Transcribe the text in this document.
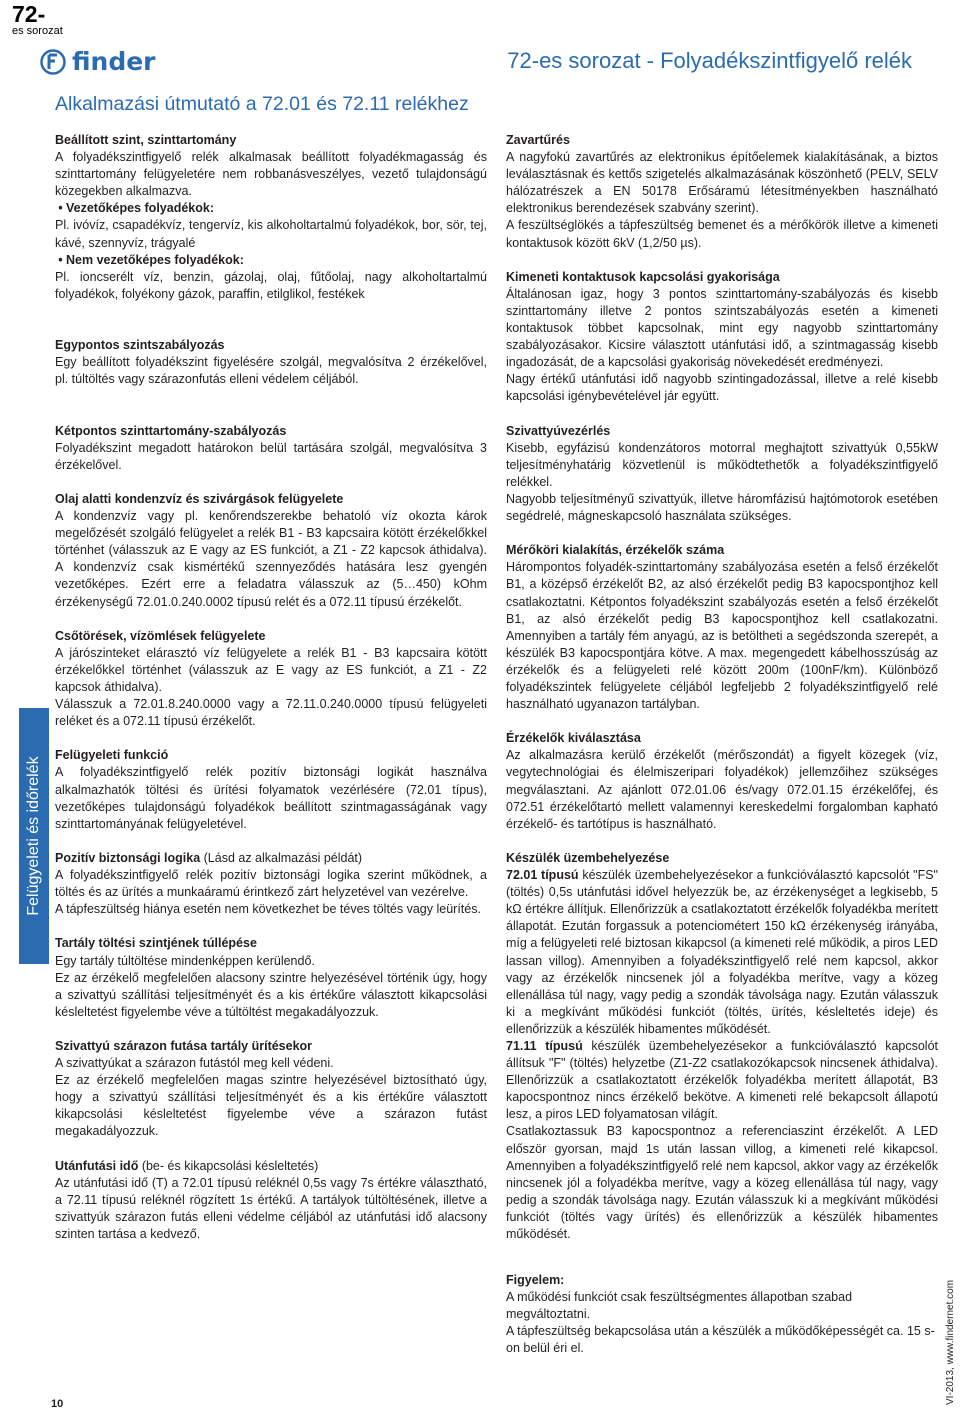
72-
es sorozat
finder	72-es sorozat - Folyadékszintfigyelő relék
Alkalmazási útmutató a 72.01 és 72.11 relékhez
Felügyeleti és időrelék

Beállított szint, szinttartomány

A folyadékszintfigyelő relék alkalmasak beállított folyadékmagasság és szinttartomány felügyeletére nem robbanásveszélyes, vezető tulajdonságú közegekben alkalmazva.

• Vezetőképes folyadékok:

Pl. ivóvíz, csapadékvíz, tengervíz, kis alkoholtartalmú folyadékok, bor, sör, tej, kávé, szennyvíz, trágyalé

• Nem vezetőképes folyadékok:

Pl. ioncserélt víz, benzin, gázolaj, olaj, fűtőolaj, nagy alkoholtartalmú folyadékok, folyékony gázok, paraffin, etilglikol, festékek

Egypontos szintszabályozás

Egy beállított folyadékszint figyelésére szolgál, megvalósítva 2 érzékelővel, pl. túltöltés vagy szárazonfutás elleni védelem céljából.

Kétpontos szinttartomány-szabályozás

Folyadékszint megadott határokon belül tartására szolgál, megvalósítva 3 érzékelővel.

Olaj alatti kondenzvíz és szivárgások felügyelete

A kondenzvíz vagy pl. kenőrendszerekbe behatoló víz okozta károk megelőzését szolgáló felügyelet a relék B1 - B3 kapcsaira kötött érzékelőkkel történhet (válasszuk az E vagy az ES funkciót, a Z1 - Z2 kapcsok áthidalva). A kondenzvíz csak kismértékű szennyeződés hatására lesz gyengén vezetőképes. Ezért erre a feladatra válasszuk az (5…450) kOhm érzékenységű 72.01.0.240.0002 típusú relét és a 072.11 típusú érzékelőt.

Csőtörések, vízömlések felügyelete

A járószinteket elárasztó víz felügyelete a relék B1 - B3 kapcsaira kötött érzékelőkkel történhet (válasszuk az E vagy az ES funkciót, a Z1 - Z2 kapcsok áthidalva).

Válasszuk a 72.01.8.240.0000 vagy a 72.11.0.240.0000 típusú felügyeleti reléket és a 072.11 típusú érzékelőt.

Felügyeleti funkció

A folyadékszintfigyelő relék pozitív biztonsági logikát használva alkalmazhatók töltési és ürítési folyamatok vezérlésére (72.01 típus), vezetőképes tulajdonságú folyadékok beállított szintmagasságának vagy szinttartományának felügyeletével.

Pozitív biztonsági logika (Lásd az alkalmazási példát)

A folyadékszintfigyelő relék pozitív biztonsági logika szerint működnek, a töltés és az ürítés a munkaáramú érintkező zárt helyzetével van vezérelve.

A tápfeszültség hiánya esetén nem következhet be téves töltés vagy leürítés.

Tartály töltési szintjének túllépése

Egy tartály túltöltése mindenképpen kerülendő.

Ez az érzékelő megfelelően alacsony szintre helyezésével történik úgy, hogy a szivattyú szállítási teljesítményét és a kis értékűre választott kikapcsolási késleltetést figyelembe véve a túltöltést megakadályozzuk.

Szivattyú szárazon futása tartály ürítésekor

A szivattyúkat a szárazon futástól meg kell védeni.

Ez az érzékelő megfelelően magas szintre helyezésével biztosítható úgy, hogy a szivattyú szállítási teljesítményét és a kis értékűre választott kikapcsolási késleltetést figyelembe véve a szárazon futást megakadályozzuk.

Utánfutási idő (be- és kikapcsolási késleltetés)

Az utánfutási idő (T) a 72.01 típusú reléknél 0,5s vagy 7s értékre választható, a 72.11 típusú reléknél rögzített 1s értékű. A tartályok túltöltésének, illetve a szivattyúk szárazon futás elleni védelme céljából az utánfutási idő alacsony szinten tartása a kedvező.

Zavartűrés

A nagyfokú zavartűrés az elektronikus építőelemek kialakításának, a biztos leválasztásnak és kettős szigetelés alkalmazásának köszönhető (PELV, SELV hálózatrészek a EN 50178 Erősáramú létesítményekben használható elektronikus berendezések szabvány szerint).

A feszültséglökés a tápfeszültség bemenet és a mérőkörök illetve a kimeneti kontaktusok között 6kV (1,2/50 µs).

Kimeneti kontaktusok kapcsolási gyakorisága

Általánosan igaz, hogy 3 pontos szinttartomány-szabályozás és kisebb szinttartomány illetve 2 pontos szintszabályozás esetén a kimeneti kontaktusok többet kapcsolnak, mint egy nagyobb szinttartomány szabályozásakor. Kicsire választott utánfutási idő, a szintmagasság kisebb ingadozását, de a kapcsolási gyakoriság növekedését eredményezi.

Nagy értékű utánfutási idő nagyobb szintingadozással, illetve a relé kisebb kapcsolási igénybevételével jár együtt.

Szivattyúvezérlés

Kisebb, egyfázisú kondenzátoros motorral meghajtott szivattyúk 0,55kW teljesítményhatárig közvetlenül is működtethetők a folyadékszintfigyelő relékkel.

Nagyobb teljesítményű szivattyúk, illetve háromfázisú hajtómotorok esetében segédrelé, mágneskapcsoló használata szükséges.

Mérőköri kialakítás, érzékelők száma

Hárompontos folyadék-szinttartomány szabályozása esetén a felső érzékelőt B1, a középső érzékelőt B2, az alsó érzékelőt pedig B3 kapocspontjhoz kell csatlakoztatni. Kétpontos folyadékszint szabályozás esetén a felső érzékelőt B1, az alsó érzékelőt pedig B3 kapocspontjhoz kell csatlakozatni. Amennyiben a tartály fém anyagú, az is betöltheti a segédszonda szerepét, a készülék B3 kapocspontjára kötve. A max. megengedett kábelhosszúság az érzékelők és a felügyeleti relé között 200m (100nF/km). Különböző folyadékszintek felügyelete céljából legfeljebb 2 folyadékszintfigyelő relé használható ugyanazon tartályban.

Érzékelők kiválasztása

Az alkalmazásra kerülő érzékelőt (mérőszondát) a figyelt közegek (víz, vegytechnológiai és élelmiszeripari folyadékok) jellemzőihez szükséges megválasztani. Az ajánlott 072.01.06 és/vagy 072.01.15 érzékelőfej, és 072.51 érzékelőtartó mellett valamennyi kereskedelmi forgalomban kapható érzékelő- és tartótípus is használható.

Készülék üzembehelyezése

72.01 típusú készülék üzembehelyezésekor a funkcióválasztó kapcsolót "FS" (töltés) 0,5s utánfutási idővel helyezzük be, az érzékenységet a legkisebb, 5 kΩ értékre állítjuk. Ellenőrizzük a csatlakoztatott érzékelők folyadékba merített állapotát. Ezután forgassuk a potenciométert 150 kΩ érzékenység irányába, míg a felügyeleti relé biztosan kikapcsol (a kimeneti relé működik, a piros LED lassan villog). Amennyiben a folyadékszintfigyelő relé nem kapcsol, akkor vagy az érzékelők nincsenek jól a folyadékba merítve, vagy a közeg ellenállása túl nagy, vagy pedig a szondák távolsága nagy. Ezután válasszuk ki a megkívánt működési funkciót (töltés, ürítés, késleltetés ideje) és ellenőrizzük a készülék hibamentes működését.

71.11 típusú készülék üzembehelyezésekor a funkcióválasztó kapcsolót állítsuk "F" (töltés) helyzetbe (Z1-Z2 csatlakozókapcsok nincsenek áthidalva). Ellenőrizzük a csatlakoztatott érzékelők folyadékba merített állapotát, B3 kapocspontnoz nincs érzékelő bekötve. A kimeneti relé bekapcsolt állapotú lesz, a piros LED folyamatosan világít.

Csatlakoztassuk B3 kapocspontnoz a referenciaszint érzékelőt. A LED először gyorsan, majd 1s után lassan villog, a kimeneti relé kikapcsol. Amennyiben a folyadékszintfigyelő relé nem kapcsol, akkor vagy az érzékelők nincsenek jól a folyadékba merítve, vagy a közeg ellenállása túl nagy, vagy pedig a szondák távolsága nagy. Ezután válasszuk ki a megkívánt működési funkciót (töltés vagy ürítés) és ellenőrizzük a készülék hibamentes működését.

Figyelem:

A működési funkciót csak feszültségmentes állapotban szabad megváltoztatni.

A tápfeszültség bekapcsolása után a készülék a működőképességét ca. 15 s-on belül éri el.

10	VI-2013, www.findernet.com
